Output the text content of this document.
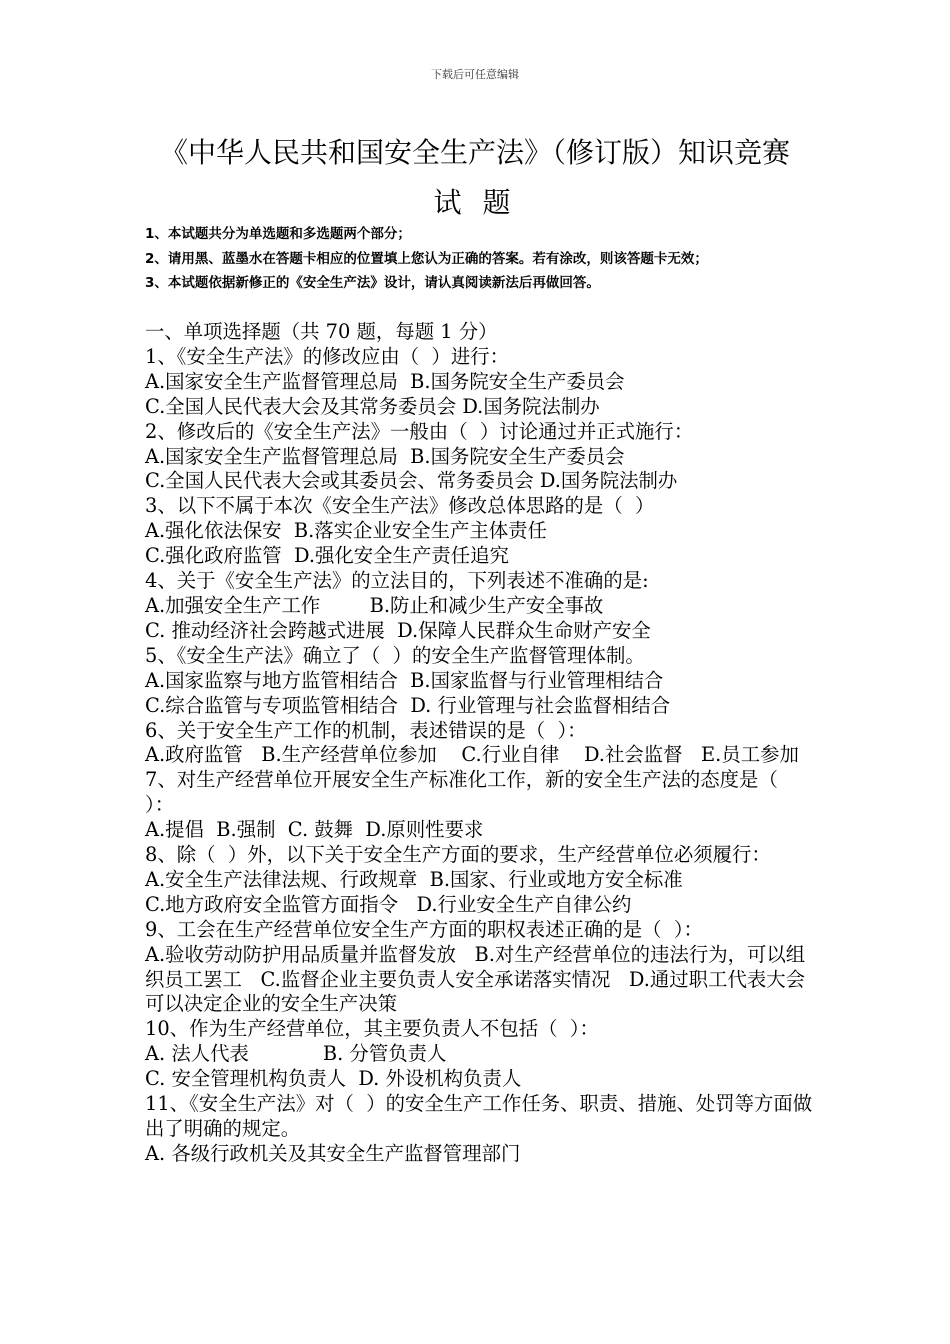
下载后可任意编辑
《中华人民共和国安全生产法》（修订版）知识竞赛
试 题
1、本试题共分为单选题和多选题两个部分；
2、请用黑、蓝墨水在答题卡相应的位置填上您认为正确的答案。若有涂改，则该答题卡无效；
3、本试题依据新修正的《安全生产法》设计，请认真阅读新法后再做回答。
一、单项选择题（共 70 题，每题 1 分）
1、《安全生产法》的修改应由（  ）进行：
A.国家安全生产监督管理总局  B.国务院安全生产委员会
C.全国人民代表大会及其常务委员会 D.国务院法制办
2、修改后的《安全生产法》一般由（  ）讨论通过并正式施行：
A.国家安全生产监督管理总局  B.国务院安全生产委员会
C.全国人民代表大会或其委员会、常务委员会 D.国务院法制办
3、以下不属于本次《安全生产法》修改总体思路的是（  ）
A.强化依法保安  B.落实企业安全生产主体责任
C.强化政府监管  D.强化安全生产责任追究
4、关于《安全生产法》的立法目的，下列表述不准确的是:
A.加强安全生产工作        B.防止和减少生产安全事故
C. 推动经济社会跨越式进展  D.保障人民群众生命财产安全
5、《安全生产法》确立了（  ）的安全生产监督管理体制。
A.国家监察与地方监管相结合  B.国家监督与行业管理相结合
C.综合监管与专项监管相结合  D. 行业管理与社会监督相结合
6、关于安全生产工作的机制，表述错误的是（  ）：
A.政府监管   B.生产经营单位参加    C.行业自律    D.社会监督   E.员工参加
7、对生产经营单位开展安全生产标准化工作，新的安全生产法的态度是（  ）：
A.提倡  B.强制  C. 鼓舞  D.原则性要求
8、除（  ）外，以下关于安全生产方面的要求，生产经营单位必须履行：
A.安全生产法律法规、行政规章  B.国家、行业或地方安全标准
C.地方政府安全监管方面指令   D.行业安全生产自律公约
9、工会在生产经营单位安全生产方面的职权表述正确的是（  ）：
A.验收劳动防护用品质量并监督发放   B.对生产经营单位的违法行为，可以组织员工罢工   C.监督企业主要负责人安全承诺落实情况   D.通过职工代表大会可以决定企业的安全生产决策
10、作为生产经营单位，其主要负责人不包括（  ）：
A. 法人代表            B. 分管负责人
C. 安全管理机构负责人  D. 外设机构负责人
11、《安全生产法》对（  ）的安全生产工作任务、职责、措施、处罚等方面做出了明确的规定。
A. 各级行政机关及其安全生产监督管理部门
